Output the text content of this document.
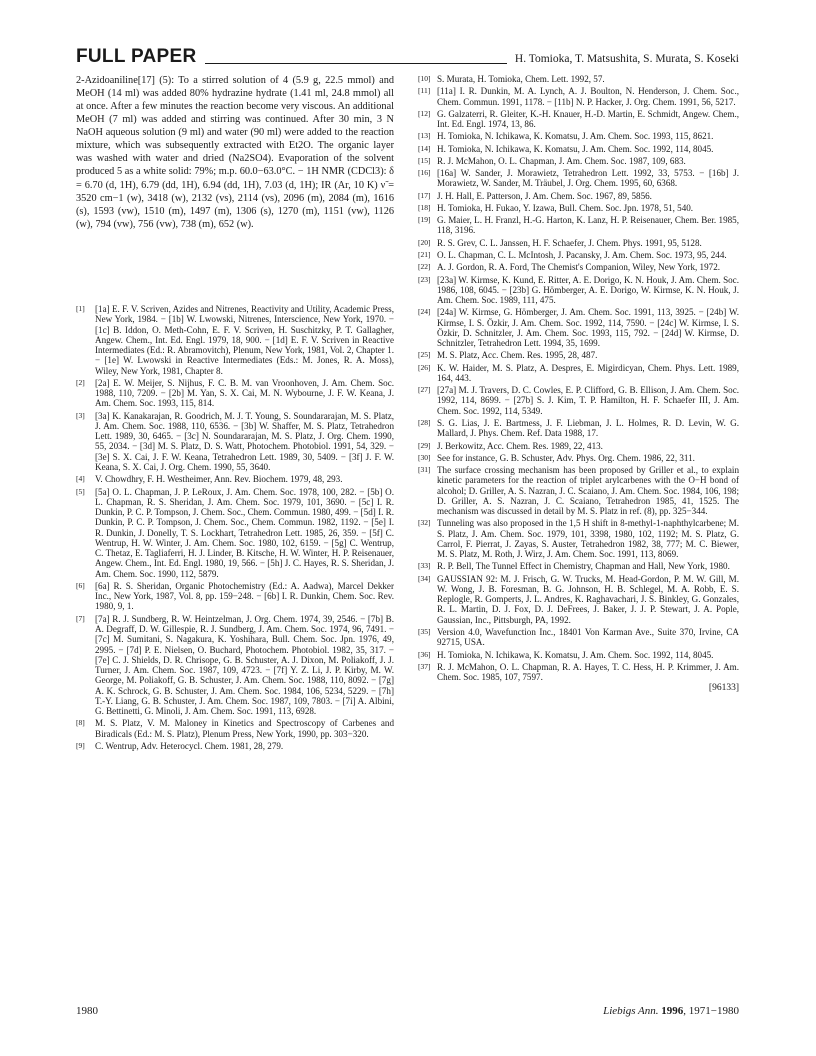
FULL PAPER	H. Tomioka, T. Matsushita, S. Murata, S. Koseki

2-Azidoaniline[17] (5): To a stirred solution of 4 (5.9 g, 22.5 mmol) and MeOH (14 ml) was added 80% hydrazine hydrate (1.41 ml, 24.8 mmol) all at once. After a few minutes the reaction become very viscous. An additional MeOH (7 ml) was added and stirring was continued. After 30 min, 3 N NaOH aqueous solution (9 ml) and water (90 ml) were added to the reaction mixture, which was subsequently extracted with Et2O. The organic layer was washed with water and dried (Na2SO4). Evaporation of the solvent produced 5 as a white solid: 79%; m.p. 60.0−63.0°C. − 1H NMR (CDCl3): δ = 6.70 (d, 1H), 6.79 (dd, 1H), 6.94 (dd, 1H), 7.03 (d, 1H); IR (Ar, 10 K) ν̃ = 3520 cm−1 (w), 3418 (w), 2132 (vs), 2114 (vs), 2096 (m), 2084 (m), 1616 (s), 1593 (vw), 1510 (m), 1497 (m), 1306 (s), 1270 (m), 1151 (vw), 1126 (w), 794 (vw), 756 (vw), 738 (m), 652 (w).

[1]	[1a] E. F. V. Scriven, Azides and Nitrenes, Reactivity and Utility, Academic Press, New York, 1984. − [1b] W. Lwowski, Nitrenes, Interscience, New York, 1970. − [1c] B. Iddon, O. Meth-Cohn, E. F. V. Scriven, H. Suschitzky, P. T. Gallagher, Angew. Chem., Int. Ed. Engl. 1979, 18, 900. − [1d] E. F. V. Scriven in Reactive Intermediates (Ed.: R. Abramovitch), Plenum, New York, 1981, Vol. 2, Chapter 1. − [1e] W. Lwowski in Reactive Intermediates (Eds.: M. Jones, R. A. Moss), Wiley, New York, 1981, Chapter 8.
[2]	[2a] E. W. Meijer, S. Nijhus, F. C. B. M. van Vroonhoven, J. Am. Chem. Soc. 1988, 110, 7209. − [2b] M. Yan, S. X. Cai, M. N. Wybourne, J. F. W. Keana, J. Am. Chem. Soc. 1993, 115, 814.
[3]	[3a] K. Kanakarajan, R. Goodrich, M. J. T. Young, S. Soundararajan, M. S. Platz, J. Am. Chem. Soc. 1988, 110, 6536. − [3b] W. Shaffer, M. S. Platz, Tetrahedron Lett. 1989, 30, 6465. − [3c] N. Soundararajan, M. S. Platz, J. Org. Chem. 1990, 55, 2034. − [3d] M. S. Platz, D. S. Watt, Photochem. Photobiol. 1991, 54, 329. − [3e] S. X. Cai, J. F. W. Keana, Tetrahedron Lett. 1989, 30, 5409. − [3f] J. F. W. Keana, S. X. Cai, J. Org. Chem. 1990, 55, 3640.
[4]	V. Chowdhry, F. H. Westheimer, Ann. Rev. Biochem. 1979, 48, 293.
[5]	[5a] O. L. Chapman, J. P. LeRoux, J. Am. Chem. Soc. 1978, 100, 282. − [5b] O. L. Chapman, R. S. Sheridan, J. Am. Chem. Soc. 1979, 101, 3690. − [5c] I. R. Dunkin, P. C. P. Tompson, J. Chem. Soc., Chem. Commun. 1980, 499. − [5d] I. R. Dunkin, P. C. P. Tompson, J. Chem. Soc., Chem. Commun. 1982, 1192. − [5e] I. R. Dunkin, J. Donelly, T. S. Lockhart, Tetrahedron Lett. 1985, 26, 359. − [5f] C. Wentrup, H. W. Winter, J. Am. Chem. Soc. 1980, 102, 6159. − [5g] C. Wentrup, C. Thetaz, E. Tagliaferri, H. J. Linder, B. Kitsche, H. W. Winter, H. P. Reisenauer, Angew. Chem., Int. Ed. Engl. 1980, 19, 566. − [5h] J. C. Hayes, R. S. Sheridan, J. Am. Chem. Soc. 1990, 112, 5879.
[6]	[6a] R. S. Sheridan, Organic Photochemistry (Ed.: A. Aadwa), Marcel Dekker Inc., New York, 1987, Vol. 8, pp. 159−248. − [6b] I. R. Dunkin, Chem. Soc. Rev. 1980, 9, 1.
[7]	[7a] R. J. Sundberg, R. W. Heintzelman, J. Org. Chem. 1974, 39, 2546. − [7b] B. A. Degraff, D. W. Gillespie, R. J. Sundberg, J. Am. Chem. Soc. 1974, 96, 7491. − [7c] M. Sumitani, S. Nagakura, K. Yoshihara, Bull. Chem. Soc. Jpn. 1976, 49, 2995. − [7d] P. E. Nielsen, O. Buchard, Photochem. Photobiol. 1982, 35, 317. − [7e] C. J. Shields, D. R. Chrisope, G. B. Schuster, A. J. Dixon, M. Poliakoff, J. J. Turner, J. Am. Chem. Soc. 1987, 109, 4723. − [7f] Y. Z. Li, J. P. Kirby, M. W. George, M. Poliakoff, G. B. Schuster, J. Am. Chem. Soc. 1988, 110, 8092. − [7g] A. K. Schrock, G. B. Schuster, J. Am. Chem. Soc. 1984, 106, 5234, 5229. − [7h] T.-Y. Liang, G. B. Schuster, J. Am. Chem. Soc. 1987, 109, 7803. − [7i] A. Albini, G. Bettinetti, G. Minoli, J. Am. Chem. Soc. 1991, 113, 6928.
[8]	M. S. Platz, V. M. Maloney in Kinetics and Spectroscopy of Carbenes and Biradicals (Ed.: M. S. Platz), Plenum Press, New York, 1990, pp. 303−320.
[9]	C. Wentrup, Adv. Heterocycl. Chem. 1981, 28, 279.
[10] S. Murata, H. Tomioka, Chem. Lett. 1992, 57.
[11] [11a] I. R. Dunkin, M. A. Lynch, A. J. Boulton, N. Henderson, J. Chem. Soc., Chem. Commun. 1991, 1178. − [11b] N. P. Hacker, J. Org. Chem. 1991, 56, 5217.
[12] G. Galzaterri, R. Gleiter, K.-H. Knauer, H.-D. Martin, E. Schmidt, Angew. Chem., Int. Ed. Engl. 1974, 13, 86.
[13] H. Tomioka, N. Ichikawa, K. Komatsu, J. Am. Chem. Soc. 1993, 115, 8621.
[14] H. Tomioka, N. Ichikawa, K. Komatsu, J. Am. Chem. Soc. 1992, 114, 8045.
[15] R. J. McMahon, O. L. Chapman, J. Am. Chem. Soc. 1987, 109, 683.
[16] [16a] W. Sander, J. Morawietz, Tetrahedron Lett. 1992, 33, 5753. − [16b] J. Morawietz, W. Sander, M. Träubel, J. Org. Chem. 1995, 60, 6368.
[17] J. H. Hall, E. Patterson, J. Am. Chem. Soc. 1967, 89, 5856.
[18] H. Tomioka, H. Fukao, Y. Izawa, Bull. Chem. Soc. Jpn. 1978, 51, 540.
[19] G. Maier, L. H. Franzl, H.-G. Harton, K. Lanz, H. P. Reisenauer, Chem. Ber. 1985, 118, 3196.
[20] R. S. Grev, C. L. Janssen, H. F. Schaefer, J. Chem. Phys. 1991, 95, 5128.
[21] O. L. Chapman, C. L. McIntosh, J. Pacansky, J. Am. Chem. Soc. 1973, 95, 244.
[22] A. J. Gordon, R. A. Ford, The Chemist's Companion, Wiley, New York, 1972.
[23] [23a] W. Kirmse, K. Kund, E. Ritter, A. E. Dorigo, K. N. Houk, J. Am. Chem. Soc. 1986, 108, 6045. − [23b] G. Hömberger, A. E. Dorigo, W. Kirmse, K. N. Houk, J. Am. Chem. Soc. 1989, 111, 475.
[24] [24a] W. Kirmse, G. Hömberger, J. Am. Chem. Soc. 1991, 113, 3925. − [24b] W. Kirmse, I. S. Özkir, J. Am. Chem. Soc. 1992, 114, 7590. − [24c] W. Kirmse, I. S. Özkir, D. Schnitzler, J. Am. Chem. Soc. 1993, 115, 792. − [24d] W. Kirmse, D. Schnitzler, Tetrahedron Lett. 1994, 35, 1699.
[25] M. S. Platz, Acc. Chem. Res. 1995, 28, 487.
[26] K. W. Haider, M. S. Platz, A. Despres, E. Migirdicyan, Chem. Phys. Lett. 1989, 164, 443.
[27] [27a] M. J. Travers, D. C. Cowles, E. P. Clifford, G. B. Ellison, J. Am. Chem. Soc. 1992, 114, 8699. − [27b] S. J. Kim, T. P. Hamilton, H. F. Schaefer III, J. Am. Chem. Soc. 1992, 114, 5349.
[28] S. G. Lias, J. E. Bartmess, J. F. Liebman, J. L. Holmes, R. D. Levin, W. G. Mallard, J. Phys. Chem. Ref. Data 1988, 17.
[29] J. Berkowitz, Acc. Chem. Res. 1989, 22, 413.
[30] See for instance, G. B. Schuster, Adv. Phys. Org. Chem. 1986, 22, 311.
[31] The surface crossing mechanism has been proposed by Griller et al., to explain kinetic parameters for the reaction of triplet arylcarbenes with the O−H bond of alcohol; D. Griller, A. S. Nazran, J. C. Scaiano, J. Am. Chem. Soc. 1984, 106, 198; D. Griller, A. S. Nazran, J. C. Scaiano, Tetrahedron 1985, 41, 1525. The mechanism was discussed in detail by M. S. Platz in ref. (8), pp. 325−344.
[32] Tunneling was also proposed in the 1,5 H shift in 8-methyl-1-naphthylcarbene; M. S. Platz, J. Am. Chem. Soc. 1979, 101, 3398, 1980, 102, 1192; M. S. Platz, G. Carrol, F. Pierrat, J. Zayas, S. Auster, Tetrahedron 1982, 38, 777; M. C. Biewer, M. S. Platz, M. Roth, J. Wirz, J. Am. Chem. Soc. 1991, 113, 8069.
[33] R. P. Bell, The Tunnel Effect in Chemistry, Chapman and Hall, New York, 1980.
[34] GAUSSIAN 92: M. J. Frisch, G. W. Trucks, M. Head-Gordon, P. M. W. Gill, M. W. Wong, J. B. Foresman, B. G. Johnson, H. B. Schlegel, M. A. Robb, E. S. Replogle, R. Gomperts, J. L. Andres, K. Raghavachari, J. S. Binkley, G. Gonzales, R. L. Martin, D. J. Fox, D. J. DeFrees, J. Baker, J. J. P. Stewart, J. A. Pople, Gaussian, Inc., Pittsburgh, PA, 1992.
[35] Version 4.0, Wavefunction Inc., 18401 Von Karman Ave., Suite 370, Irvine, CA 92715, USA.
[36] H. Tomioka, N. Ichikawa, K. Komatsu, J. Am. Chem. Soc. 1992, 114, 8045.
[37] R. J. McMahon, O. L. Chapman, R. A. Hayes, T. C. Hess, H. P. Krimmer, J. Am. Chem. Soc. 1985, 107, 7597.
[96133]
1980	Liebigs Ann. 1996, 1971−1980
